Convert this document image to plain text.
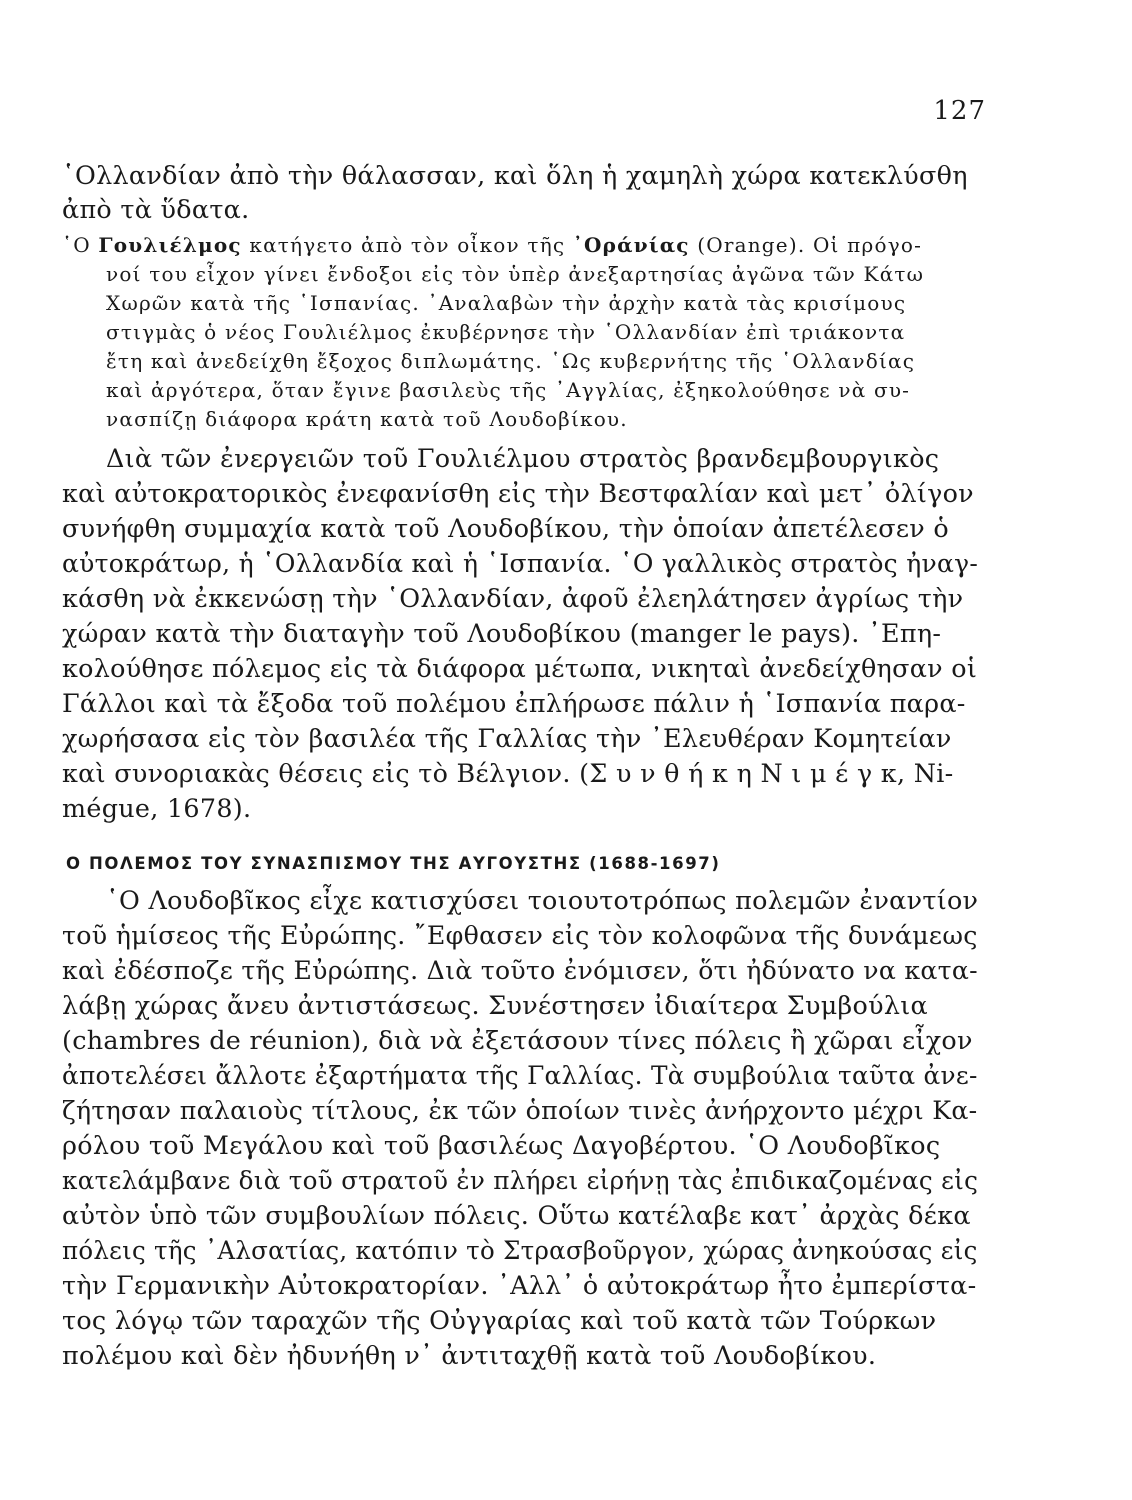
127
῾Ολλανδίαν ἀπὸ τὴν θάλασσαν, καὶ ὅλη ἡ χαμηλὴ χώρα κατεκλύσθη
ἀπὸ τὰ ὕδατα.
῾Ο Γουλιέλμος κατήγετο ἀπὸ τὸν οἶκον τῆς ᾿Οράνίας (Orange). Οἱ πρόγο-
νοί του εἶχον γίνει ἔνδοξοι εἰς τὸν ὑπὲρ ἀνεξαρτησίας ἀγῶνα τῶν Κάτω
Χωρῶν κατὰ τῆς ῾Ισπανίας. ᾿Αναλαβὼν τὴν ἀρχὴν κατὰ τὰς κρισίμους
στιγμὰς ὁ νέος Γουλιέλμος ἐκυβέρνησε τὴν ῾Ολλανδίαν ἐπὶ τριάκοντα
ἔτη καὶ ἀνεδείχθη ἔξοχος διπλωμάτης. ῾Ως κυβερνήτης τῆς ῾Ολλανδίας
καὶ ἀργότερα, ὅταν ἔγινε βασιλεὺς τῆς ᾿Αγγλίας, ἐξηκολούθησε νὰ συ-
νασπίζῃ διάφορα κράτη κατὰ τοῦ Λουδοβίκου.
Διὰ τῶν ἐνεργειῶν τοῦ Γουλιέλμου στρατὸς βρανδεμβουργικὸς
καὶ αὐτοκρατορικὸς ἐνεφανίσθη εἰς τὴν Βεστφαλίαν καὶ μετ᾿ ὀλίγον
συνήφθη συμμαχία κατὰ τοῦ Λουδοβίκου, τὴν ὁποίαν ἀπετέλεσεν ὁ
αὐτοκράτωρ, ἡ ῾Ολλανδία καὶ ἡ ῾Ισπανία. ῾Ο γαλλικὸς στρατὸς ἠναγ-
κάσθη νὰ ἐκκενώσῃ τὴν ῾Ολλανδίαν, ἀφοῦ ἐλεηλάτησεν ἀγρίως τὴν
χώραν κατὰ τὴν διαταγὴν τοῦ Λουδοβίκου (manger le pays). ᾿Επη-
κολούθησε πόλεμος εἰς τὰ διάφορα μέτωπα, νικηταὶ ἀνεδείχθησαν οἱ
Γάλλοι καὶ τὰ ἔξοδα τοῦ πολέμου ἐπλήρωσε πάλιν ἡ ῾Ισπανία παρα-
χωρήσασα εἰς τὸν βασιλέα τῆς Γαλλίας τὴν ᾿Ελευθέραν Κομητείαν
καὶ συνοριακὰς θέσεις εἰς τὸ Βέλγιον. (Σ υ ν θ ή κ η Ν ι μ έ γ κ, Ni-
mégue, 1678).
Ο ΠΟΛΕΜΟΣ ΤΟΥ ΣΥΝΑΣΠΙΣΜΟΥ ΤΗΣ ΑΥΓΟΥΣΤΗΣ (1688-1697)
῾Ο Λουδοβῖκος εἶχε κατισχύσει τοιουτοτρόπως πολεμῶν ἐναντίον
τοῦ ἡμίσεος τῆς Εὐρώπης. ῎Εφθασεν εἰς τὸν κολοφῶνα τῆς δυνάμεως
καὶ ἐδέσποζε τῆς Εὐρώπης. Διὰ τοῦτο ἐνόμισεν, ὅτι ἠδύνατο να κατα-
λάβῃ χώρας ἄνευ ἀντιστάσεως. Συνέστησεν ἰδιαίτερα Συμβούλια
(chambres de réunion), διὰ νὰ ἐξετάσουν τίνες πόλεις ἢ χῶραι εἶχον
ἀποτελέσει ἄλλοτε ἐξαρτήματα τῆς Γαλλίας. Τὰ συμβούλια ταῦτα ἀνε-
ζήτησαν παλαιοὺς τίτλους, ἐκ τῶν ὁποίων τινὲς ἀνήρχοντο μέχρι Κα-
ρόλου τοῦ Μεγάλου καὶ τοῦ βασιλέως Δαγοβέρτου. ῾Ο Λουδοβῖκος
κατελάμβανε διὰ τοῦ στρατοῦ ἐν πλήρει εἰρήνῃ τὰς ἐπιδικαζομένας εἰς
αὐτὸν ὑπὸ τῶν συμβουλίων πόλεις. Οὕτω κατέλαβε κατ᾿ ἀρχὰς δέκα
πόλεις τῆς ᾿Αλσατίας, κατόπιν τὸ Στρασβοῦργον, χώρας ἀνηκούσας εἰς
τὴν Γερμανικὴν Αὐτοκρατορίαν. ᾿Αλλ᾿ ὁ αὐτοκράτωρ ἦτο ἐμπερίστα-
τος λόγῳ τῶν ταραχῶν τῆς Οὐγγαρίας καὶ τοῦ κατὰ τῶν Τούρκων
πολέμου καὶ δὲν ἠδυνήθη ν᾿ ἀντιταχθῇ κατὰ τοῦ Λουδοβίκου.
